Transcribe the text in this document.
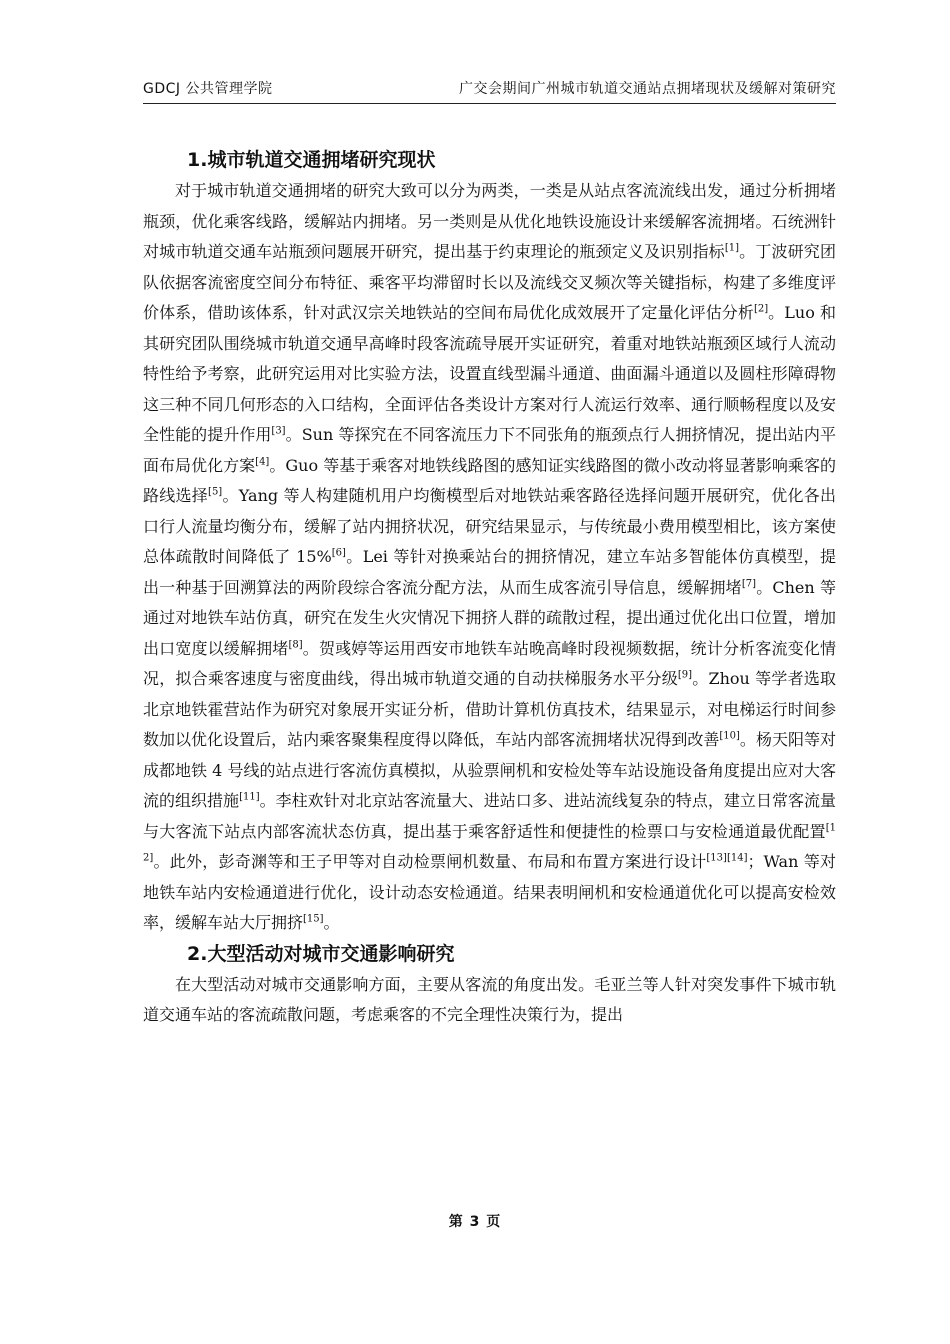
GDCJ 公共管理学院	广交会期间广州城市轨道交通站点拥堵现状及缓解对策研究
1.城市轨道交通拥堵研究现状

对于城市轨道交通拥堵的研究大致可以分为两类，一类是从站点客流流线出发，通过分析拥堵瓶颈，优化乘客线路，缓解站内拥堵。另一类则是从优化地铁设施设计来缓解客流拥堵。石统洲针对城市轨道交通车站瓶颈问题展开研究，提出基于约束理论的瓶颈定义及识别指标[1]。丁波研究团队依据客流密度空间分布特征、乘客平均滞留时长以及流线交叉频次等关键指标，构建了多维度评价体系，借助该体系，针对武汉宗关地铁站的空间布局优化成效展开了定量化评估分析[2]。Luo 和其研究团队围绕城市轨道交通早高峰时段客流疏导展开实证研究，着重对地铁站瓶颈区域行人流动特性给予考察，此研究运用对比实验方法，设置直线型漏斗通道、曲面漏斗通道以及圆柱形障碍物这三种不同几何形态的入口结构，全面评估各类设计方案对行人流运行效率、通行顺畅程度以及安全性能的提升作用[3]。Sun 等探究在不同客流压力下不同张角的瓶颈点行人拥挤情况，提出站内平面布局优化方案[4]。Guo 等基于乘客对地铁线路图的感知证实线路图的微小改动将显著影响乘客的路线选择[5]。Yang 等人构建随机用户均衡模型后对地铁站乘客路径选择问题开展研究，优化各出口行人流量均衡分布，缓解了站内拥挤状况，研究结果显示，与传统最小费用模型相比，该方案使总体疏散时间降低了 15%[6]。Lei 等针对换乘站台的拥挤情况，建立车站多智能体仿真模型，提出一种基于回溯算法的两阶段综合客流分配方法，从而生成客流引导信息，缓解拥堵[7]。Chen 等通过对地铁车站仿真，研究在发生火灾情况下拥挤人群的疏散过程，提出通过优化出口位置，增加出口宽度以缓解拥堵[8]。贺彧婷等运用西安市地铁车站晚高峰时段视频数据，统计分析客流变化情况，拟合乘客速度与密度曲线，得出城市轨道交通的自动扶梯服务水平分级[9]。Zhou 等学者选取北京地铁霍营站作为研究对象展开实证分析，借助计算机仿真技术，结果显示，对电梯运行时间参数加以优化设置后，站内乘客聚集程度得以降低，车站内部客流拥堵状况得到改善[10]。杨天阳等对成都地铁 4 号线的站点进行客流仿真模拟，从验票闸机和安检处等车站设施设备角度提出应对大客流的组织措施[11]。李柱欢针对北京站客流量大、进站口多、进站流线复杂的特点，建立日常客流量与大客流下站点内部客流状态仿真，提出基于乘客舒适性和便捷性的检票口与安检通道最优配置[12]。此外，彭奇渊等和王子甲等对自动检票闸机数量、布局和布置方案进行设计[13][14]；Wan 等对地铁车站内安检通道进行优化，设计动态安检通道。结果表明闸机和安检通道优化可以提高安检效率，缓解车站大厅拥挤[15]。

2.大型活动对城市交通影响研究

在大型活动对城市交通影响方面，主要从客流的角度出发。毛亚兰等人针对突发事件下城市轨道交通车站的客流疏散问题，考虑乘客的不完全理性决策行为，提出

第 3 页
